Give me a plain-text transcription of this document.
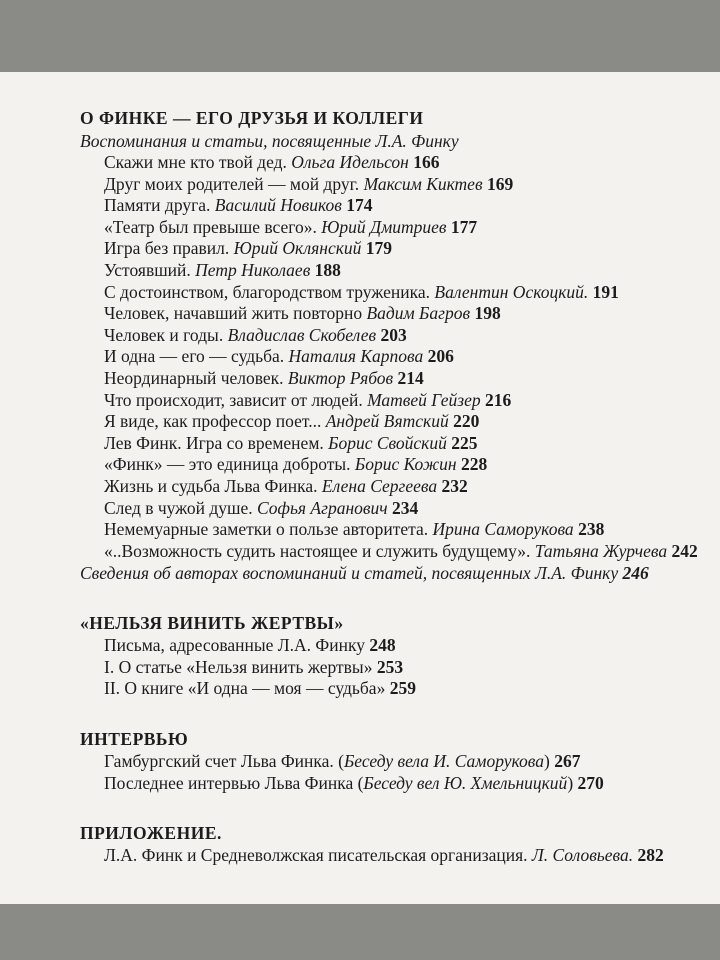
О ФИНКЕ — ЕГО ДРУЗЬЯ И КОЛЛЕГИ
Воспоминания и статьи, посвященные Л.А. Финку
Скажи мне кто твой дед. Ольга Идельсон 166
Друг моих родителей — мой друг. Максим Киктев 169
Памяти друга. Василий Новиков 174
«Театр был превыше всего». Юрий Дмитриев 177
Игра без правил. Юрий Оклянский 179
Устоявший. Петр Николаев 188
С достоинством, благородством труженика. Валентин Оскоцкий. 191
Человек, начавший жить повторно Вадим Багров 198
Человек и годы. Владислав Скобелев 203
И одна — его — судьба. Наталия Карпова 206
Неординарный человек. Виктор Рябов 214
Что происходит, зависит от людей. Матвей Гейзер 216
Я виде, как профессор поет... Андрей Вятский 220
Лев Финк. Игра со временем. Борис Свойский 225
«Финк» — это единица доброты. Борис Кожин 228
Жизнь и судьба Льва Финка. Елена Сергеева 232
След в чужой душе. Софья Агранович 234
Немемуарные заметки о пользе авторитета. Ирина Саморукова 238
«..Возможность судить настоящее и служить будущему». Татьяна Журчева 242
Сведения об авторах воспоминаний и статей, посвященных Л.А. Финку 246
«НЕЛЬЗЯ ВИНИТЬ ЖЕРТВЫ»
Письма, адресованные Л.А. Финку 248
I. О статье «Нельзя винить жертвы» 253
II. О книге «И одна — моя — судьба» 259
ИНТЕРВЬЮ
Гамбургский счет Льва Финка. (Беседу вела И. Саморукова) 267
Последнее интервью Льва Финка (Беседу вел Ю. Хмельницкий) 270
ПРИЛОЖЕНИЕ.
Л.А. Финк и Средневолжская писательская организация. Л. Соловьева. 282
